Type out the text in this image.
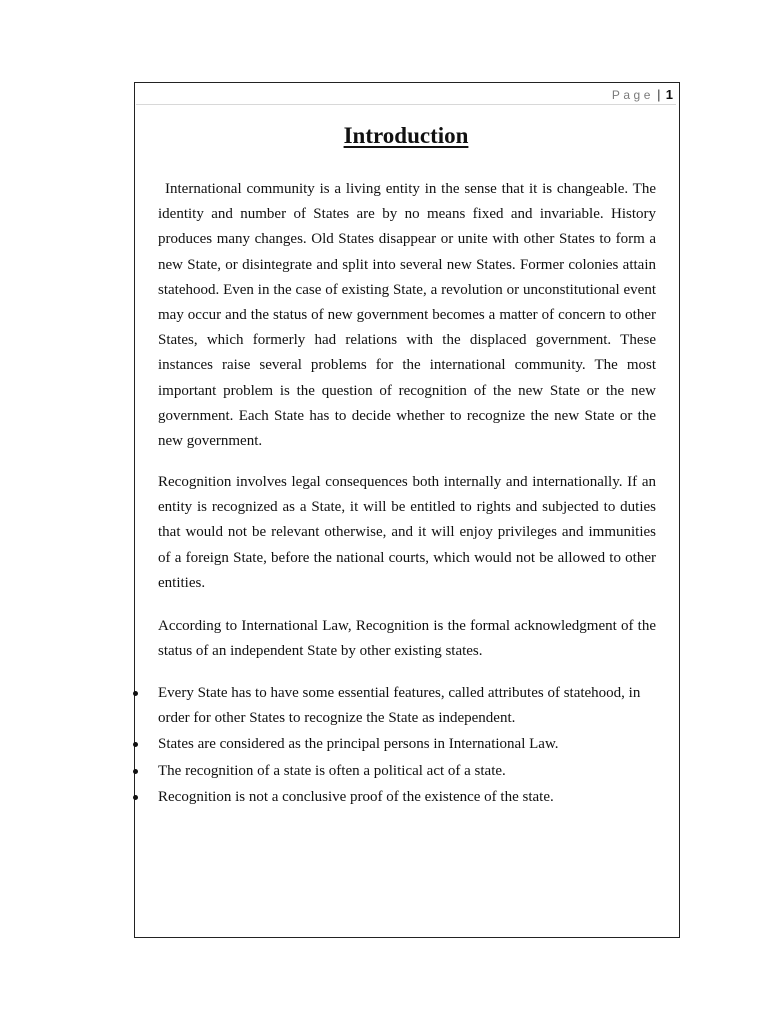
Page | 1
Introduction

International community is a living entity in the sense that it is changeable. The identity and number of States are by no means fixed and invariable. History produces many changes. Old States disappear or unite with other States to form a new State, or disintegrate and split into several new States. Former colonies attain statehood. Even in the case of existing State, a revolution or unconstitutional event may occur and the status of new government becomes a matter of concern to other States, which formerly had relations with the displaced government. These instances raise several problems for the international community. The most important problem is the question of recognition of the new State or the new government. Each State has to decide whether to recognize the new State or the new government.

Recognition involves legal consequences both internally and internationally. If an entity is recognized as a State, it will be entitled to rights and subjected to duties that would not be relevant otherwise, and it will enjoy privileges and immunities of a foreign State, before the national courts, which would not be allowed to other entities.

According to International Law, Recognition is the formal acknowledgment of the status of an independent State by other existing states.

Every State has to have some essential features, called attributes of statehood, in order for other States to recognize the State as independent.
States are considered as the principal persons in International Law.
The recognition of a state is often a political act of a state.
Recognition is not a conclusive proof of the existence of the state.
